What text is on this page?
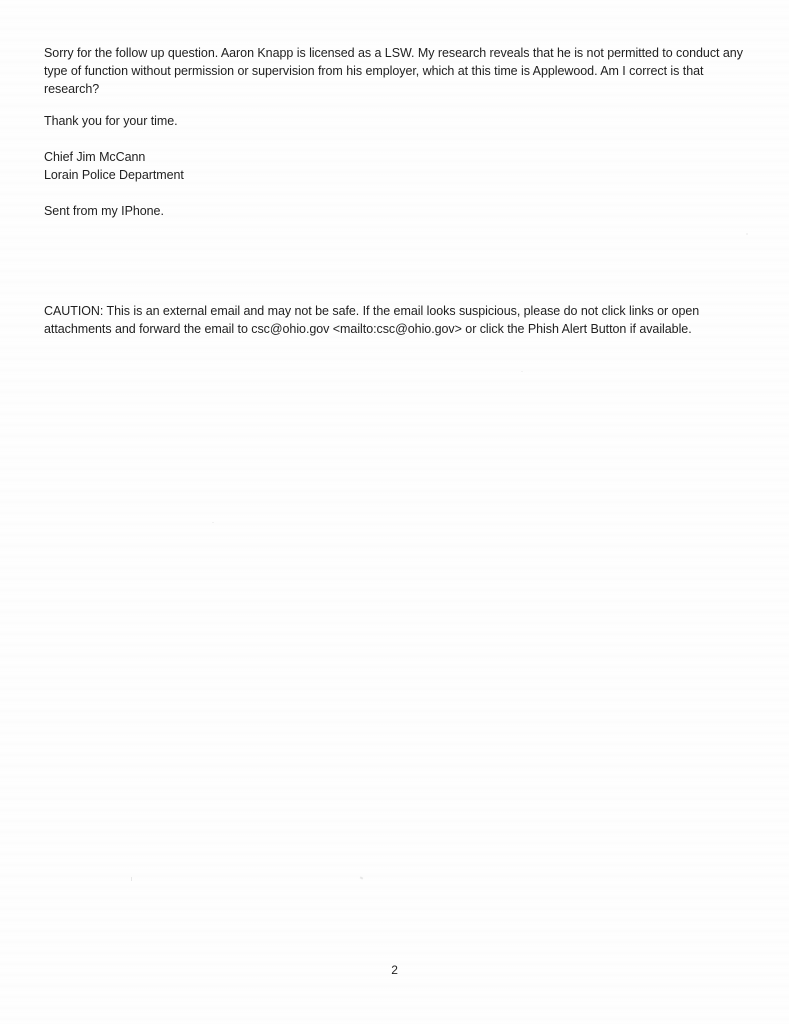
Sorry for the follow up question. Aaron Knapp is licensed as a LSW. My research reveals that he is not permitted to conduct any type of function without permission or supervision from his employer, which at this time is Applewood. Am I correct is that research?

Thank you for your time.

Chief Jim McCann
Lorain Police Department

Sent from my IPhone.

CAUTION: This is an external email and may not be safe. If the email looks suspicious, please do not click links or open attachments and forward the email to csc@ohio.gov <mailto:csc@ohio.gov> or click the Phish Alert Button if available.

2
